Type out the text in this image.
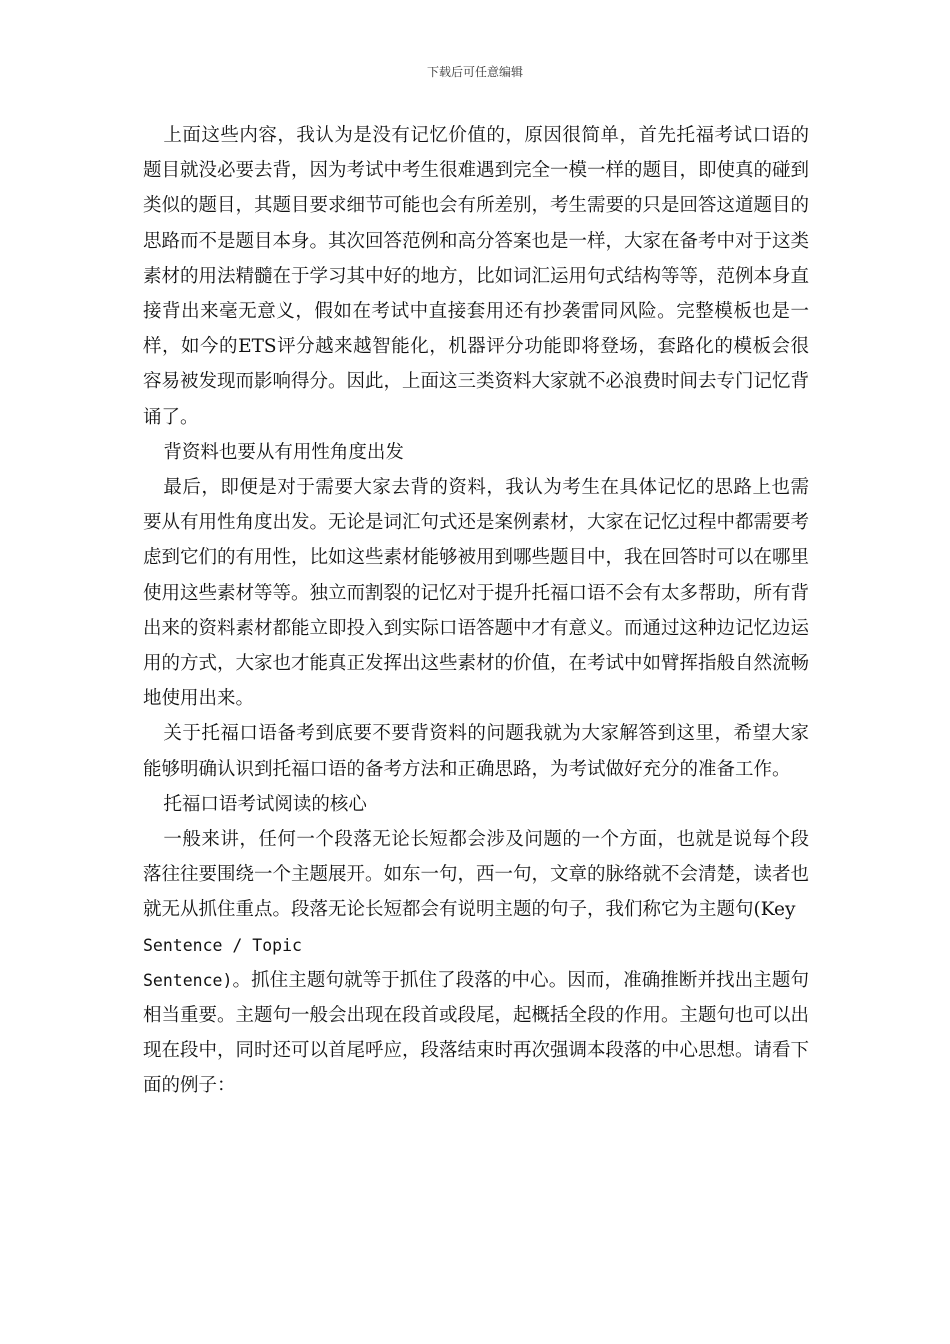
下载后可任意编辑

上面这些内容，我认为是没有记忆价值的，原因很简单，首先托福考试口语的题目就没必要去背，因为考试中考生很难遇到完全一模一样的题目，即使真的碰到类似的题目，其题目要求细节可能也会有所差别，考生需要的只是回答这道题目的思路而不是题目本身。其次回答范例和高分答案也是一样，大家在备考中对于这类素材的用法精髓在于学习其中好的地方，比如词汇运用句式结构等等，范例本身直接背出来毫无意义，假如在考试中直接套用还有抄袭雷同风险。完整模板也是一样，如今的ETS评分越来越智能化，机器评分功能即将登场，套路化的模板会很容易被发现而影响得分。因此，上面这三类资料大家就不必浪费时间去专门记忆背诵了。

背资料也要从有用性角度出发

最后，即便是对于需要大家去背的资料，我认为考生在具体记忆的思路上也需要从有用性角度出发。无论是词汇句式还是案例素材，大家在记忆过程中都需要考虑到它们的有用性，比如这些素材能够被用到哪些题目中，我在回答时可以在哪里使用这些素材等等。独立而割裂的记忆对于提升托福口语不会有太多帮助，所有背出来的资料素材都能立即投入到实际口语答题中才有意义。而通过这种边记忆边运用的方式，大家也才能真正发挥出这些素材的价值，在考试中如臂挥指般自然流畅地使用出来。

关于托福口语备考到底要不要背资料的问题我就为大家解答到这里，希望大家能够明确认识到托福口语的备考方法和正确思路，为考试做好充分的准备工作。

托福口语考试阅读的核心

一般来讲，任何一个段落无论长短都会涉及问题的一个方面，也就是说每个段落往往要围绕一个主题展开。如东一句，西一句，文章的脉络就不会清楚，读者也就无从抓住重点。段落无论长短都会有说明主题的句子，我们称它为主题句(Key

Sentence / Topic

Sentence)。抓住主题句就等于抓住了段落的中心。因而，准确推断并找出主题句相当重要。主题句一般会出现在段首或段尾，起概括全段的作用。主题句也可以出现在段中，同时还可以首尾呼应，段落结束时再次强调本段落的中心思想。请看下面的例子：
